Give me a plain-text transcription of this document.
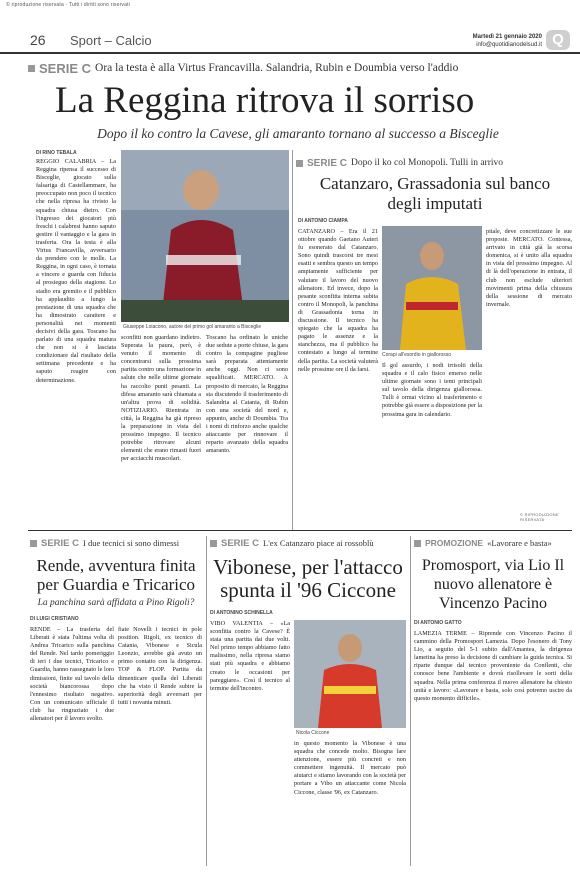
© riproduzione riservata · Tutti i diritti sono riservati
26 Sport – Calcio	Martedì 21 gennaio 2020
info@quotidianodelsud.it Q
SERIE C Ora la testa è alla Virtus Francavilla. Salandria, Rubin e Doumbia verso l'addio
La Reggina ritrova il sorriso
Dopo il ko contro la Cavese, gli amaranto tornano al successo a Bisceglie
DI RINO TEBALA
REGGIO CALABRIA – La Reggina ripensa il successo di Bisceglie, giocato sulla falsariga di Castellammare, ha preoccupato non poco il tecnico che nella ripresa ha rivisto la squadra chiusa dietro. Con l'ingresso dei giocatori più freschi i calabresi hanno saputo gestire il vantaggio e la gara in trasferta. Ora la testa è alla Virtus Francavilla, avversario da prendere con le molle. La Reggina, in ogni caso, è tornata a vincere e guarda con fiducia al prosieguo della stagione. Lo stadio era gremito e il pubblico ha applaudito a lungo la prestazione di una squadra che ha dimostrato carattere e personalità nei momenti decisivi della gara. Toscano ha parlato di una squadra matura che non si è lasciata condizionare dal risultato della settimana precedente e ha saputo reagire con determinazione.
Giuseppe Loiacono, autore del primo gol amaranto a Bisceglie
sconfitti non guardano indietro. Superata la paura, però, è venuto il momento di concentrarsi sulla prossima partita contro una formazione in salute che nelle ultime giornate ha raccolto punti pesanti. La difesa amaranto sarà chiamata a un'altra prova di solidità. NOTIZIARIO. Rientrata in città, la Reggina ha già ripreso la preparazione in vista del prossimo impegno. Il tecnico potrebbe ritrovare alcuni elementi che erano rimasti fuori per acciacchi muscolari.
Toscano ha ordinato le uniche due sedute a porte chiuse, la gara contro la compagine pugliese sarà preparata attentamente anche oggi. Non ci sono squalificati. MERCATO. A proposito di mercato, la Reggina sta discutendo il trasferimento di Salandria al Catania, di Rubin con una società del nord e, appunto, anche di Doumbia. Tra i nomi di rinforzo anche qualche attaccante per rinnovare il reparto avanzato della squadra amaranto.
SERIE C Dopo il ko col Monopoli. Tulli in arrivo
Catanzaro, Grassadonia sul banco degli imputati
DI ANTONIO CIAMPA
CATANZARO – Era il 21 ottobre quando Gaetano Auteri fu esonerato dal Catanzaro. Sono quindi trascorsi tre mesi esatti e sembra questo un tempo ampiamente sufficiente per valutare il lavoro del nuovo allenatore. Ed invece, dopo la pesante sconfitta interna subita contro il Monopoli, la panchina di Grassadonia torna in discussione. Il tecnico ha spiegato che la squadra ha pagato le assenze e la stanchezza, ma il pubblico ha contestato a lungo al termine della partita. La società valuterà nelle prossime ore il da farsi.
Corapi all'esordio in giallorosso
Il gol assurdo, i nodi irrisolti della squadra e il calo fisico emerso nelle ultime giornate sono i temi principali sul tavolo della dirigenza giallorossa. Tulli è ormai vicino al trasferimento e potrebbe già essere a disposizione per la prossima gara in calendario.
pitale, deve concretizzare le sue proposte. MERCATO. Contessa, arrivato in città già la scorsa domenica, si è unito alla squadra in vista del prossimo impegno. Al di là dell'operazione in entrata, il club non esclude ulteriori movimenti prima della chiusura della sessione di mercato invernale.
© RIPRODUZIONE RISERVATA
SERIE C I due tecnici si sono dimessi
Rende, avventura finita per Guardia e Tricarico
La panchina sarà affidata a Pino Rigoli?
DI LUIGI CRISTIANO
RENDE – La trasferta del Liberati è stata l'ultima volta di Andrea Tricarico sulla panchina del Rende. Nel tardo pomeriggio di ieri i due tecnici, Tricarico e Guardia, hanno rassegnato le loro dimissioni, finite sul tavolo della società biancorossa dopo l'ennesimo risultato negativo. Con un comunicato ufficiale il club ha ringraziato i due allenatori per il lavoro svolto.
fiate Novelli i tecnici in pole position. Rigoli, ex tecnico di Catania, Vibonese e Sicula Leonzio, avrebbe già avuto un primo contatto con la dirigenza. TOP & FLOP. Partita da dimenticare quella del Liberati che ha visto il Rende subire la superiorità degli avversari per tutti i novanta minuti.
SERIE C L'ex Catanzaro piace ai rossoblù
Vibonese, per l'attacco spunta il '96 Ciccone
DI ANTONINO SCHINELLA
VIBO VALENTIA – «La sconfitta contro la Cavese? È stata una partita dai due volti. Nel primo tempo abbiamo fatto malissimo, nella ripresa siamo stati più squadra e abbiamo creato le occasioni per pareggiare». Così il tecnico al termine dell'incontro.
Nicola Ciccone
in questo momento la Vibonese è una squadra che concede molto. Bisogna fare attenzione, essere più concreti e non commettere ingenuità. Il mercato può aiutarci e stiamo lavorando con la società per portare a Vibo un attaccante come Nicola Ciccone, classe '96, ex Catanzaro.
PROMOZIONE «Lavorare e basta»
Promosport, via Lio Il nuovo allenatore è Vincenzo Pacino
DI ANTONIO GATTO
LAMEZIA TERME – Riprende con Vincenzo Pacino il cammino della Promosport Lamezia. Dopo l'esonero di Tony Lio, a seguito del 5-1 subito dall'Amantea, la dirigenza lametina ha preso la decisione di cambiare la guida tecnica. Si riparte dunque dal tecnico proveniente da Conflenti, che conosce bene l'ambiente e dovrà risollevare le sorti della squadra. Nella prima conferenza il nuovo allenatore ha chiesto unità e lavoro: «Lavorare e basta, solo così potremo uscire da questo momento difficile».
